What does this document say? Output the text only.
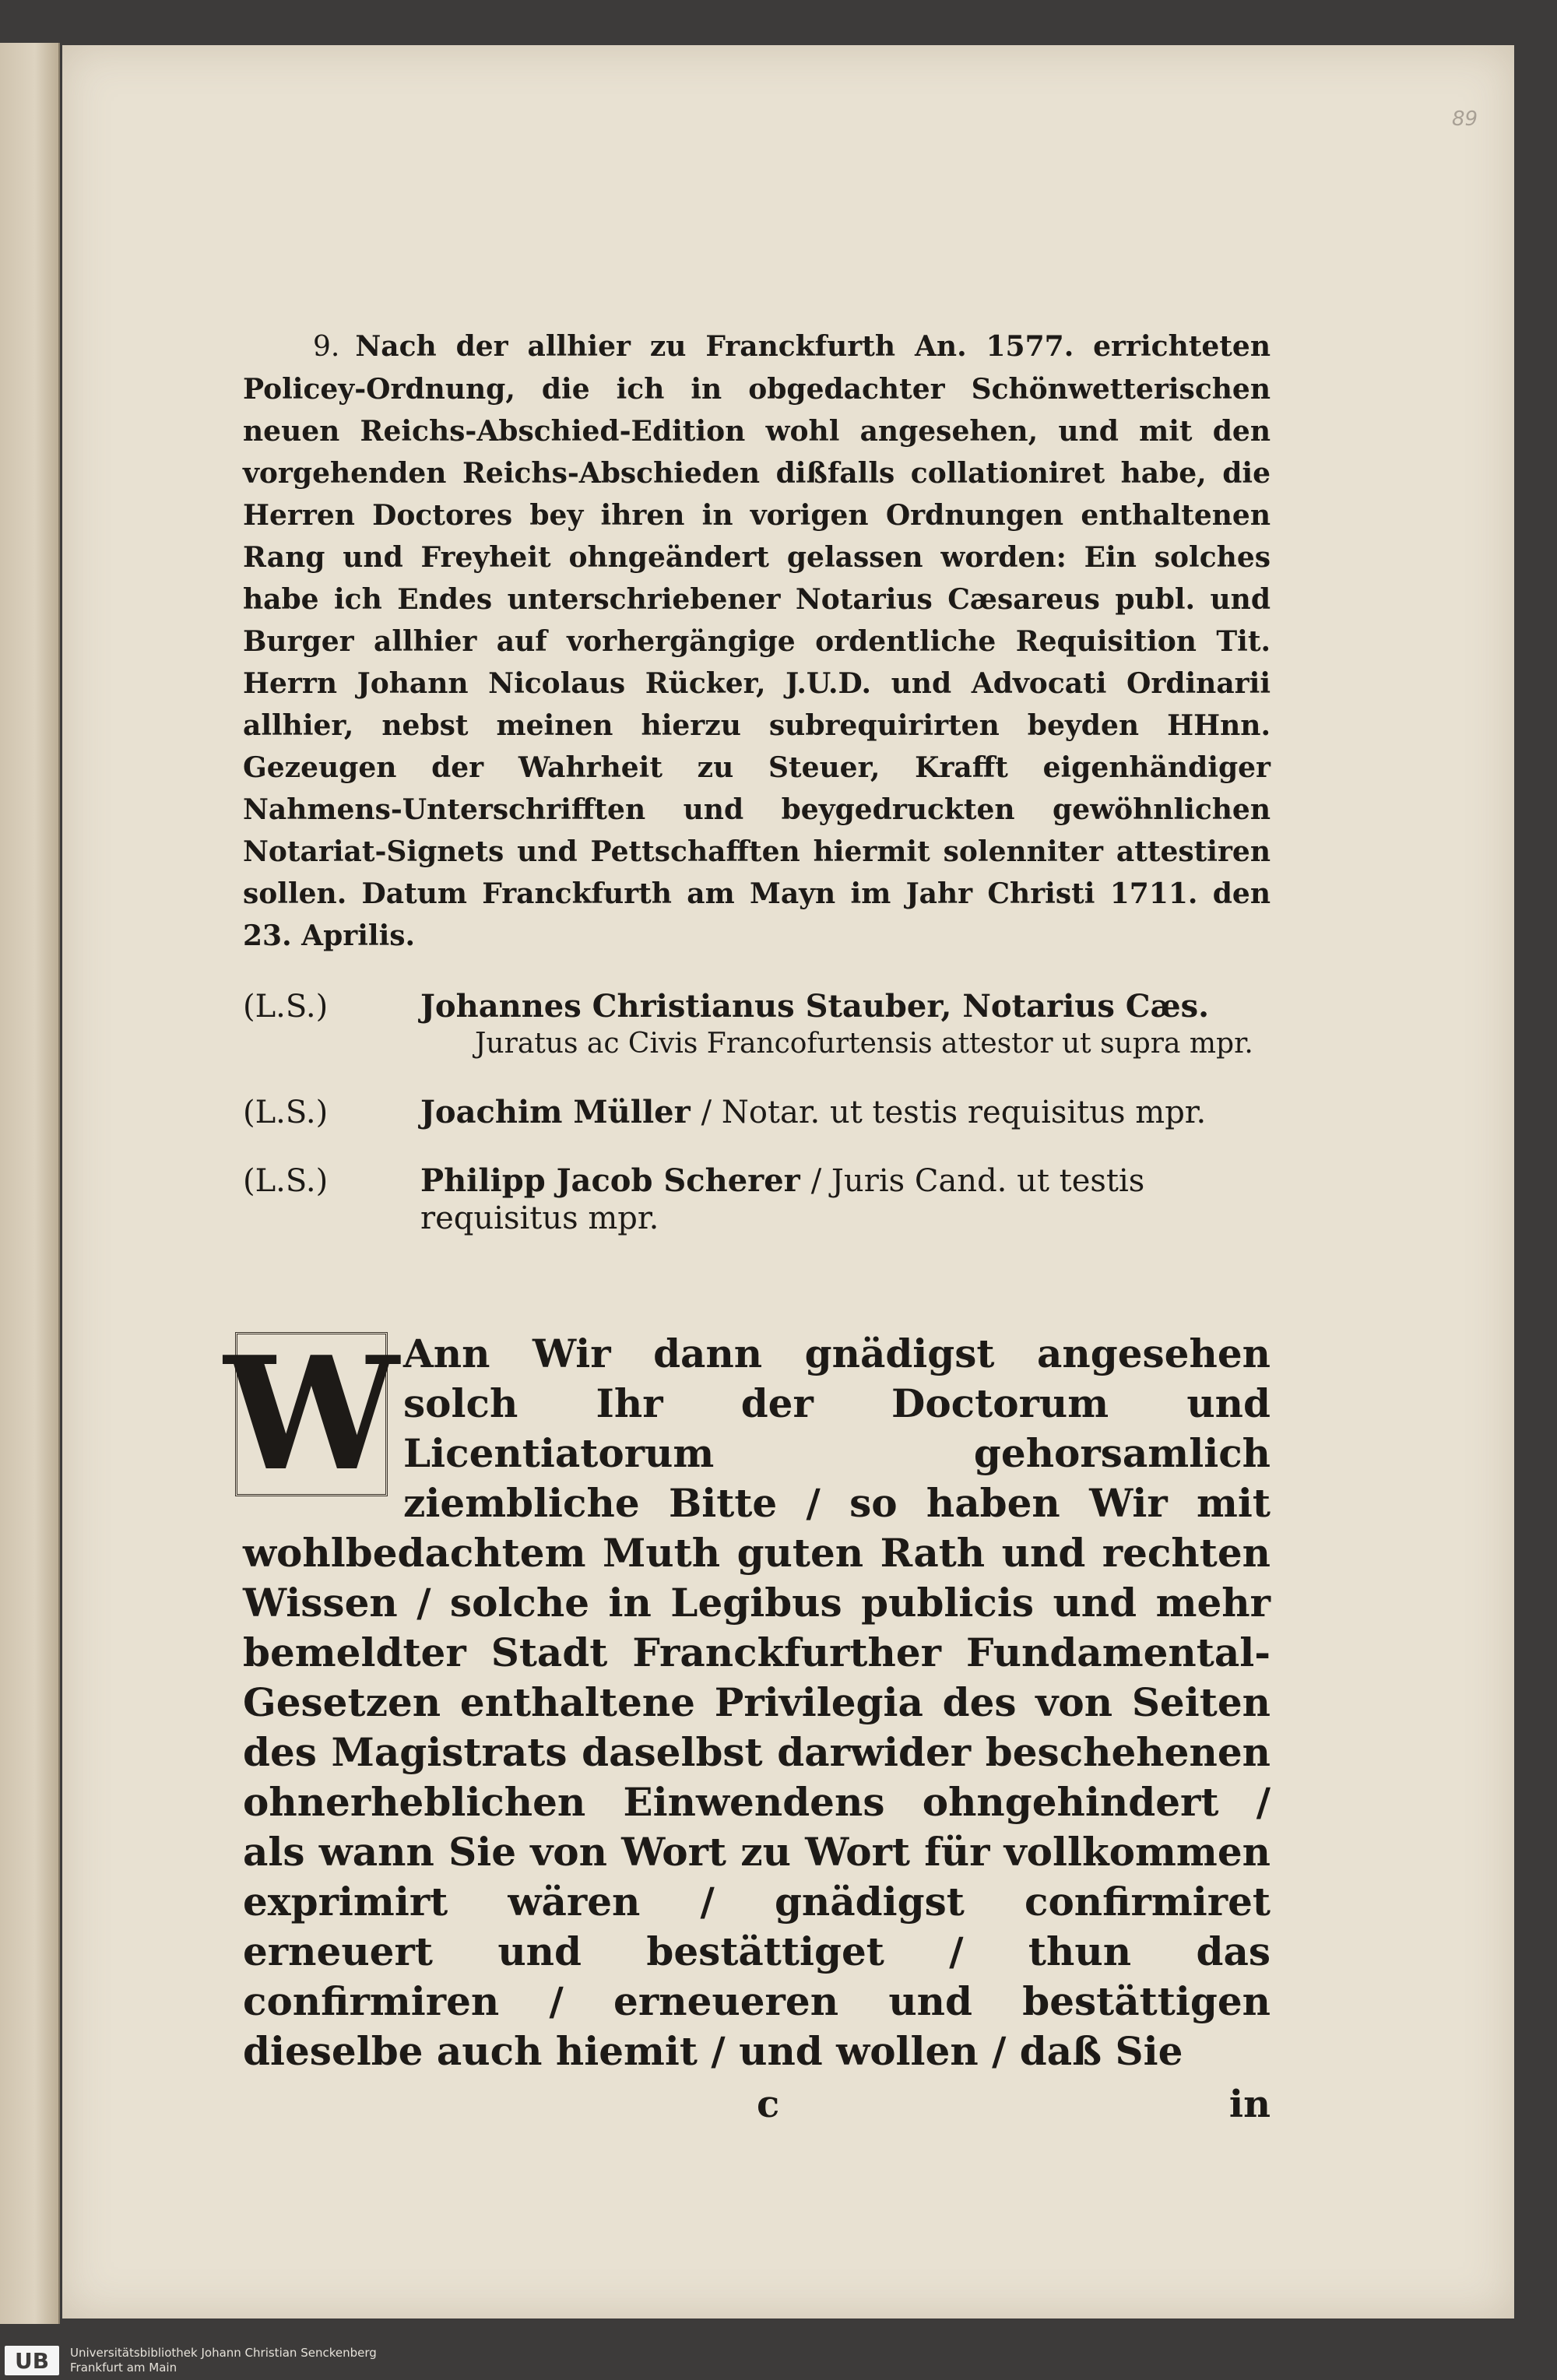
89

9. Nach der allhier zu Franckfurth An. 1577. errichteten Policey-Ordnung, die ich in obgedachter Schönwetterischen neuen Reichs-Abschied-Edition wohl angesehen, und mit den vorgehenden Reichs-Abschieden dißfalls collationiret habe, die Herren Doctores bey ihren in vorigen Ordnungen enthaltenen Rang und Freyheit ohngeändert gelassen worden: Ein solches habe ich Endes unterschriebener Notarius Cæsareus publ. und Burger allhier auf vorhergängige ordentliche Requisition Tit. Herrn Johann Nicolaus Rücker, J.U.D. und Advocati Ordinarii allhier, nebst meinen hierzu subrequirirten beyden HHnn. Gezeugen der Wahrheit zu Steuer, Krafft eigenhändiger Nahmens-Unterschrifften und beygedruckten gewöhnlichen Notariat-Signets und Pettschafften hiermit solenniter attestiren sollen. Datum Franckfurth am Mayn im Jahr Christi 1711. den 23. Aprilis.

(L.S.)	Johannes Christianus Stauber, Notarius Cæs.
Juratus ac Civis Francofurtensis attestor ut supra mpr.
(L.S.)	Joachim Müller / Notar. ut testis requisitus mpr.
(L.S.)	Philipp Jacob Scherer / Juris Cand. ut testis requisitus mpr.
W Ann Wir dann gnädigst angesehen solch Ihr der Doctorum und Licentiatorum gehorsamlich ziembliche Bitte / so haben Wir mit wohlbedachtem Muth guten Rath und rechten Wissen / solche in Legibus publicis und mehr bemeldter Stadt Franckfurther Fundamental-Gesetzen enthaltene Privilegia des von Seiten des Magistrats daselbst darwider beschehenen ohnerheblichen Einwendens ohngehindert / als wann Sie von Wort zu Wort für vollkommen exprimirt wären / gnädigst confirmiret erneuert und bestättiget / thun das confirmiren / erneueren und bestättigen dieselbe auch hiemit / und wollen / daß Sie
c	in
UB	Universitätsbibliothek Johann Christian Senckenberg
Frankfurt am Main
